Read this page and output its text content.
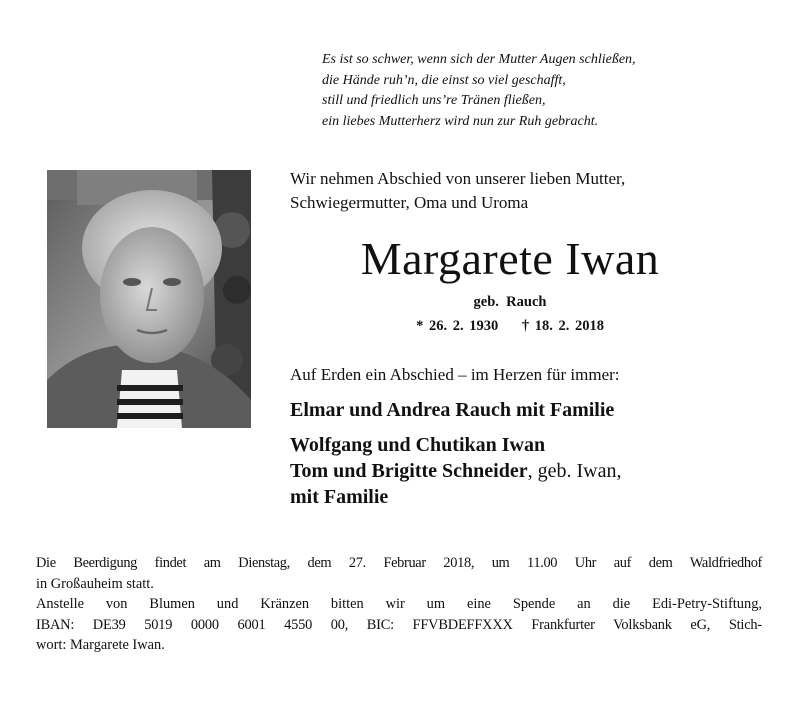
Es ist so schwer, wenn sich der Mutter Augen schließen,
die Hände ruh’n, die einst so viel geschafft,
still und friedlich uns’re Tränen fließen,
ein liebes Mutterherz wird nun zur Ruh gebracht.
Wir nehmen Abschied von unserer lieben Mutter,
Schwiegermutter, Oma und Uroma
Margarete Iwan
geb.  Rauch
* 26. 2. 1930 † 18. 2. 2018
Auf Erden ein Abschied – im Herzen für immer:
Elmar und Andrea Rauch mit Familie
Wolfgang und Chutikan Iwan
Tom und Brigitte Schneider, geb. Iwan,
mit Familie
Die Beerdigung findet am Dienstag, dem 27. Februar 2018, um 11.00 Uhr auf dem Waldfriedhof
in Großauheim statt.
Anstelle von Blumen und Kränzen bitten wir um eine Spende an die Edi-Petry-Stiftung,
IBAN: DE39 5019 0000 6001 4550 00, BIC: FFVBDEFFXXX Frankfurter Volksbank eG, Stich-
wort: Margarete Iwan.
